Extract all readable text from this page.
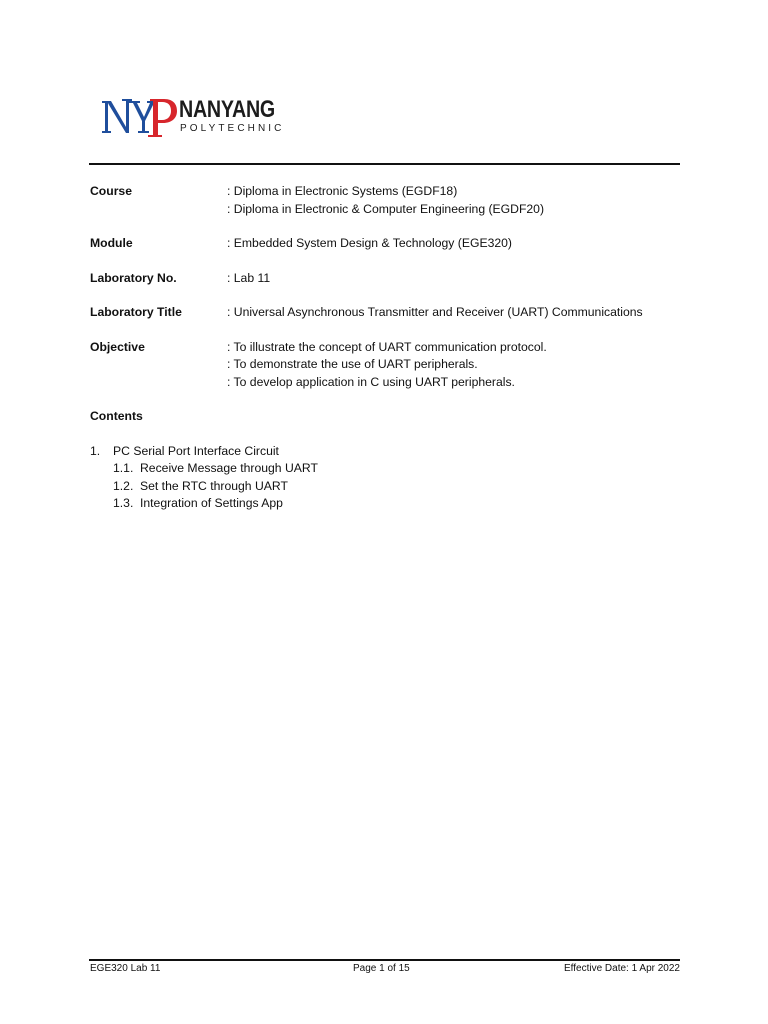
NANYANG
POLYTECHNIC
Course	: Diploma in Electronic Systems (EGDF18)
: Diploma in Electronic & Computer Engineering (EGDF20)
Module	: Embedded System Design & Technology (EGE320)
Laboratory No.	: Lab 11
Laboratory Title	: Universal Asynchronous Transmitter and Receiver (UART) Communications
Objective	: To illustrate the concept of UART communication protocol.
: To demonstrate the use of UART peripherals.
: To develop application in C using UART peripherals.
Contents
1.	PC Serial Port Interface Circuit
1.1. Receive Message through UART
1.2. Set the RTC through UART
1.3. Integration of Settings App
EGE320 Lab 11	Page 1 of 15	Effective Date: 1 Apr 2022
